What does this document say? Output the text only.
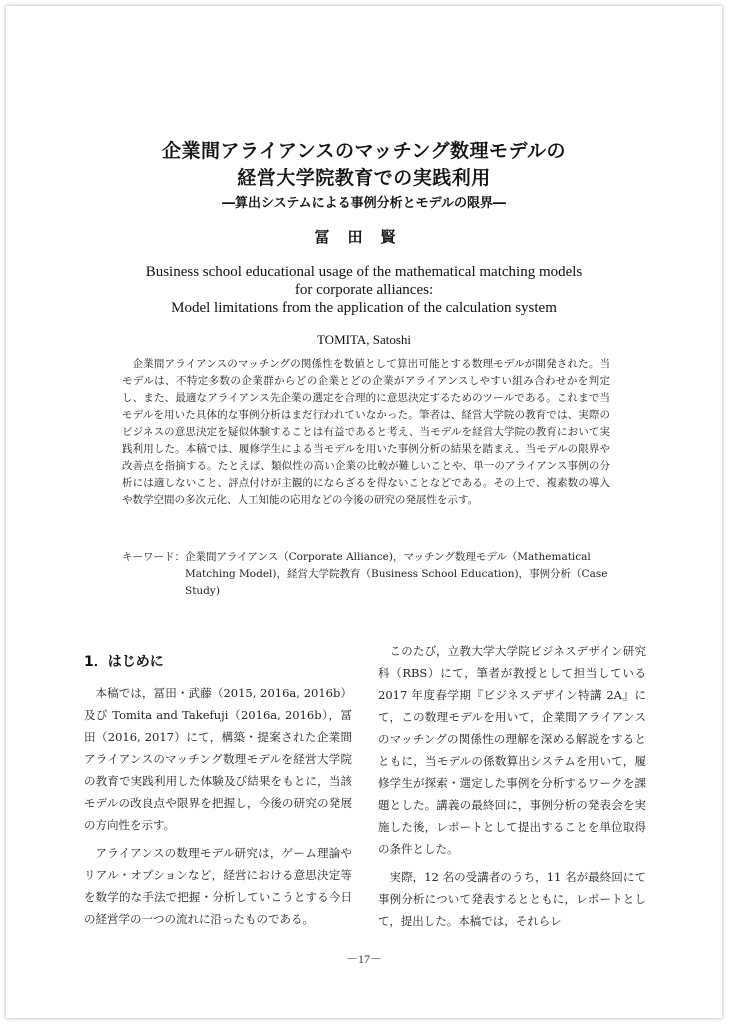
企業間アライアンスのマッチング数理モデルの
経営大学院教育での実践利用
―算出システムによる事例分析とモデルの限界―
冨田賢
Business school educational usage of the mathematical matching models
for corporate alliances:
Model limitations from the application of the calculation system
TOMITA, Satoshi
企業間アライアンスのマッチングの関係性を数値として算出可能とする数理モデルが開発された。当モデルは、不特定多数の企業群からどの企業とどの企業がアライアンスしやすい組み合わせかを判定し、また、最適なアライアンス先企業の選定を合理的に意思決定するためのツールである。これまで当モデルを用いた具体的な事例分析はまだ行われていなかった。筆者は、経営大学院の教育では、実際のビジネスの意思決定を疑似体験することは有益であると考え、当モデルを経営大学院の教育において実践利用した。本稿では、履修学生による当モデルを用いた事例分析の結果を踏まえ、当モデルの限界や改善点を指摘する。たとえば、類似性の高い企業の比較が難しいことや、単一のアライアンス事例の分析には適しないこと、評点付けが主観的にならざるを得ないことなどである。その上で、複素数の導入や数学空間の多次元化、人工知能の応用などの今後の研究の発展性を示す。
キーワード： 企業間アライアンス（Corporate Alliance)，マッチング数理モデル（Mathematical Matching Model)，経営大学院教育（Business School Education)，事例分析（Case Study)
1．はじめに

本稿では，冨田・武藤（2015, 2016a, 2016b）及び Tomita and Takefuji（2016a, 2016b），冨田（2016, 2017）にて，構築・提案された企業間アライアンスのマッチング数理モデルを経営大学院の教育で実践利用した体験及び結果をもとに，当該モデルの改良点や限界を把握し，今後の研究の発展の方向性を示す。

アライアンスの数理モデル研究は，ゲーム理論やリアル・オプションなど，経営における意思決定等を数学的な手法で把握・分析していこうとする今日の経営学の一つの流れに沿ったものである。

このたび，立教大学大学院ビジネスデザイン研究科（RBS）にて，筆者が教授として担当している 2017 年度春学期『ビジネスデザイン特講 2A』にて，この数理モデルを用いて，企業間アライアンスのマッチングの関係性の理解を深める解説をするとともに，当モデルの係数算出システムを用いて，履修学生が探索・選定した事例を分析するワークを課題とした。講義の最終回に，事例分析の発表会を実施した後，レポートとして提出することを単位取得の条件とした。

実際，12 名の受講者のうち，11 名が最終回にて事例分析について発表するとともに，レポートとして，提出した。本稿では，それらレ

－17－
